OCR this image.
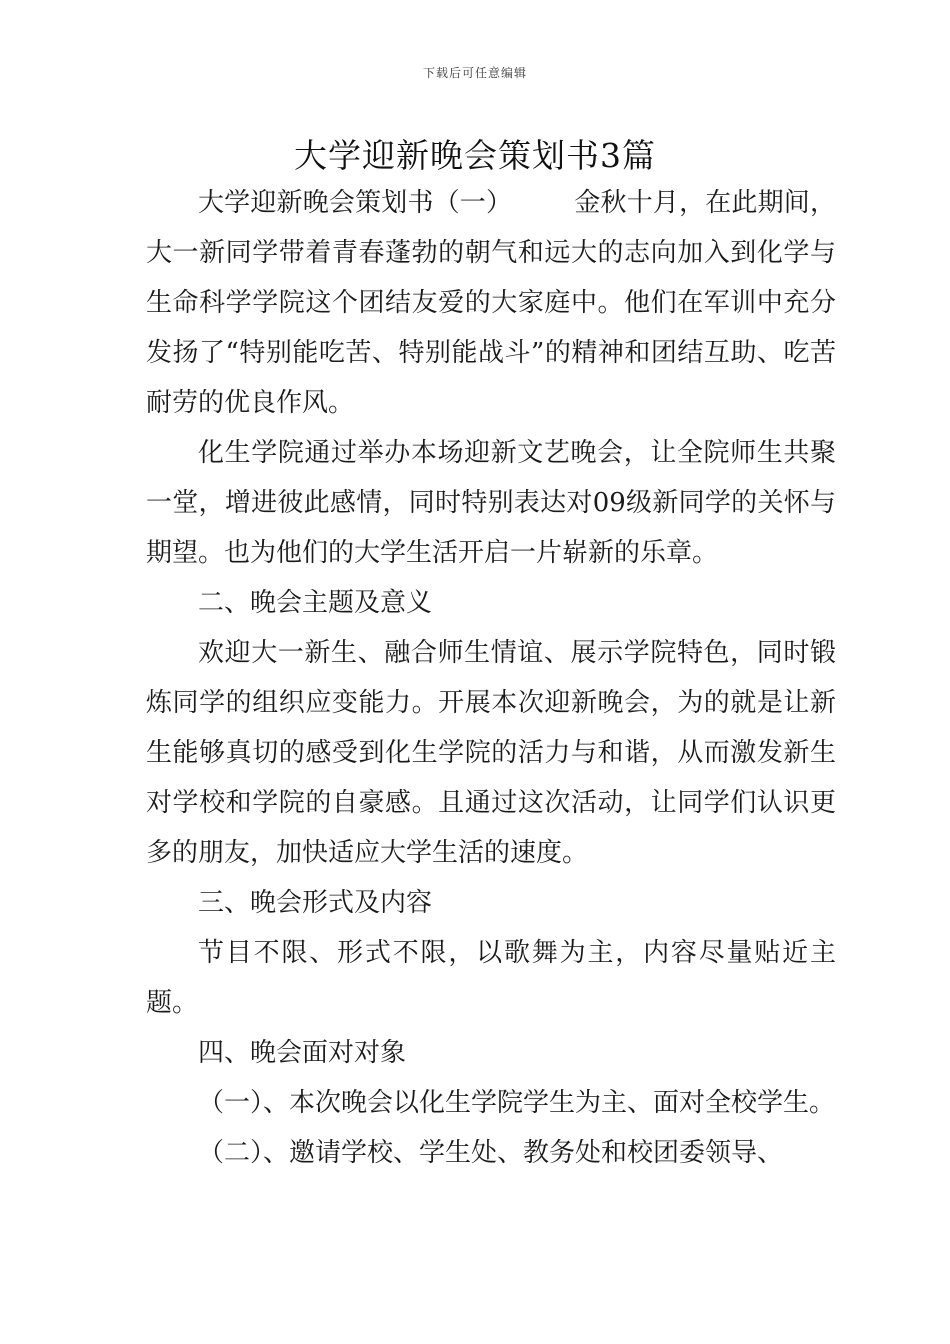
下载后可任意编辑
大学迎新晚会策划书3篇

大学迎新晚会策划书（一） 金秋十月，在此期间，大一新同学带着青春蓬勃的朝气和远大的志向加入到化学与生命科学学院这个团结友爱的大家庭中。他们在军训中充分发扬了“特别能吃苦、特别能战斗”的精神和团结互助、吃苦耐劳的优良作风。

化生学院通过举办本场迎新文艺晚会，让全院师生共聚一堂，增进彼此感情，同时特别表达对09级新同学的关怀与期望。也为他们的大学生活开启一片崭新的乐章。

二、晚会主题及意义

欢迎大一新生、融合师生情谊、展示学院特色，同时锻炼同学的组织应变能力。开展本次迎新晚会，为的就是让新生能够真切的感受到化生学院的活力与和谐，从而激发新生对学校和学院的自豪感。且通过这次活动，让同学们认识更多的朋友，加快适应大学生活的速度。

三、晚会形式及内容

节目不限、形式不限，以歌舞为主，内容尽量贴近主题。

四、晚会面对对象

（一）、本次晚会以化生学院学生为主、面对全校学生。

（二）、邀请学校、学生处、教务处和校团委领导、
